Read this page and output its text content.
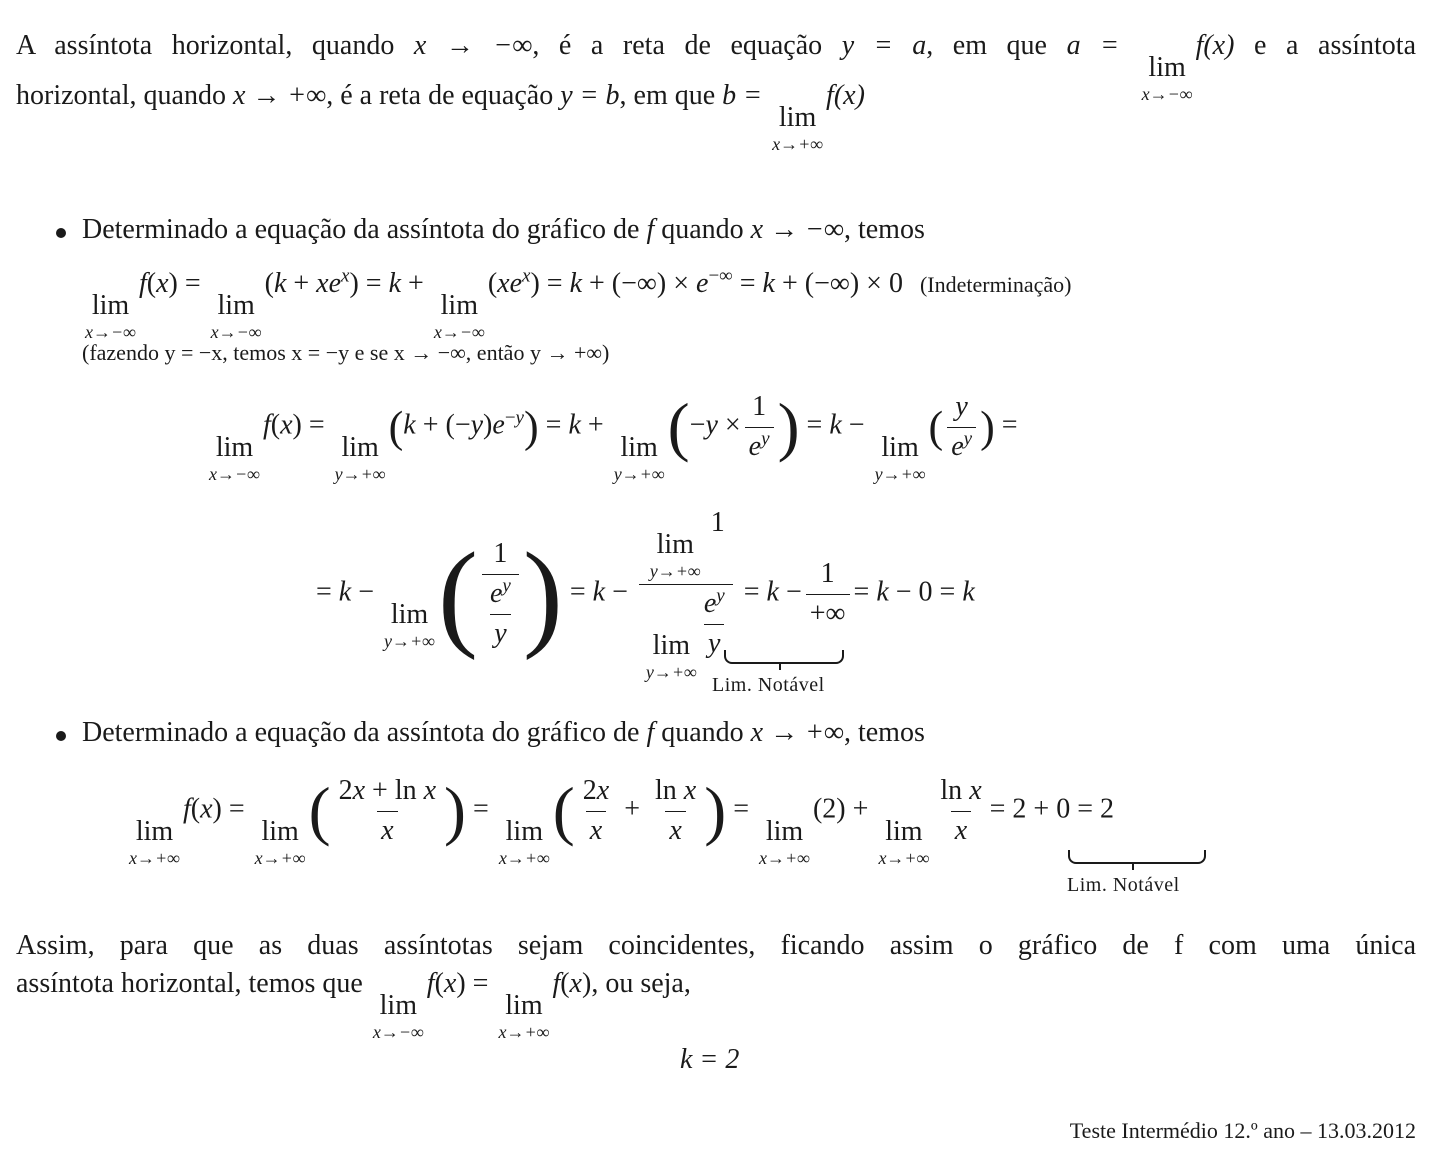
A assíntota horizontal, quando x → −∞, é a reta de equação y = a, em que a =
lim
x→−∞
f(x) e a assíntota
horizontal, quando x → +∞, é a reta de equação y = b, em que b =
lim
x→+∞
f(x)
Determinado a equação da assíntota do gráfico de f quando x → −∞, temos
lim
x→−∞
f(x) =
lim
x→−∞
$(k + xe^x) = k$ +
lim
x→−∞
$(xe^x) = k$ + (−∞) × e−∞ = k + (−∞) × 0 (Indeterminação)
(fazendo y = −x, temos x = −y e se x → −∞, então y → +∞)
lim
x→−∞
f(x) =
lim
y→+∞
$(k + (-y)e^{-y}) = k$ +
lim
y→+∞
($-y \times \frac{1}{e^y}$ ) = k −
lim
y→+∞
( $\frac{y}{e^y}$ ) =
= k −
lim
y→+∞ ( $\frac{1}{\frac{e^y}{y}}$ ) = k − lim
y→+∞
1
lim
y→+∞
$\frac{e^y}{y} = k - \frac{1}{+\infty} = k - 0 = k$
Lim. Notável
Determinado a equação da assíntota do gráfico de f quando x → +∞, temos
lim
x→+∞
f(x) =
lim
x→+∞
( $\frac{\text{2x + ln x}}{x}$ ) =
lim
x→+∞
( $\frac{2x}{x} + \frac{\text{ln x}}{x}$ ) =
lim
x→+∞
(2) +
lim
x→+∞
$\frac{\text{ln x}}{x} = 2 + 0 = 2$
Lim. Notável
Assim, para que as duas assíntotas sejam coincidentes, ficando assim o gráfico de f com uma única
assíntota horizontal, temos que
lim
x→−∞
f(x) =
lim
x→+∞
f(x), ou seja,
k = 2
Teste Intermédio 12.º ano – 13.03.2012
